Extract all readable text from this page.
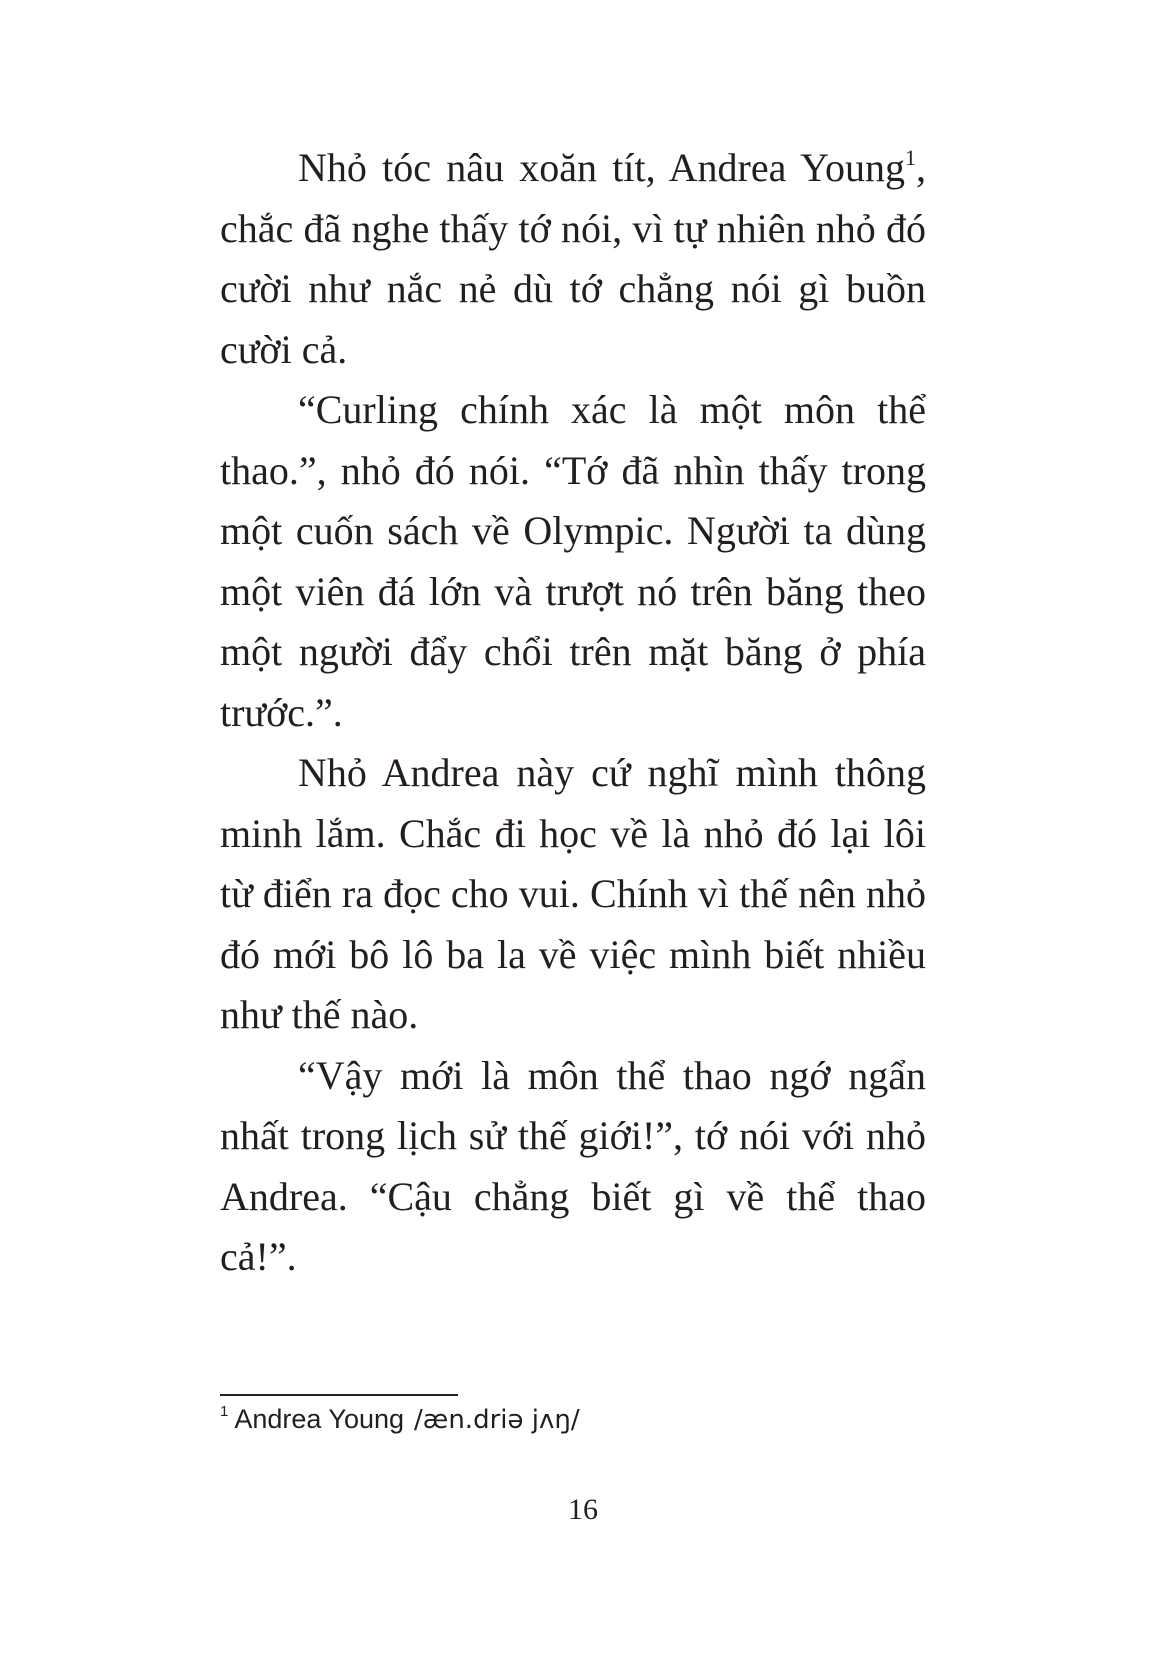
Nhỏ tóc nâu xoăn tít, Andrea Young$^1$, chắc đã nghe thấy tớ nói, vì tự nhiên nhỏ đó cười như nắc nẻ dù tớ chẳng nói gì buồn cười cả.

“Curling chính xác là một môn thể thao.”, nhỏ đó nói. “Tớ đã nhìn thấy trong một cuốn sách về Olympic. Người ta dùng một viên đá lớn và trượt nó trên băng theo một người đẩy chổi trên mặt băng ở phía trước.”.

Nhỏ Andrea này cứ nghĩ mình thông minh lắm. Chắc đi học về là nhỏ đó lại lôi từ điển ra đọc cho vui. Chính vì thế nên nhỏ đó mới bô lô ba la về việc mình biết nhiều như thế nào.

“Vậy mới là môn thể thao ngớ ngẩn nhất trong lịch sử thế giới!”, tớ nói với nhỏ Andrea. “Cậu chẳng biết gì về thể thao cả!”.

$^1$ Andrea Young /æn.driə jʌŋ/
16
